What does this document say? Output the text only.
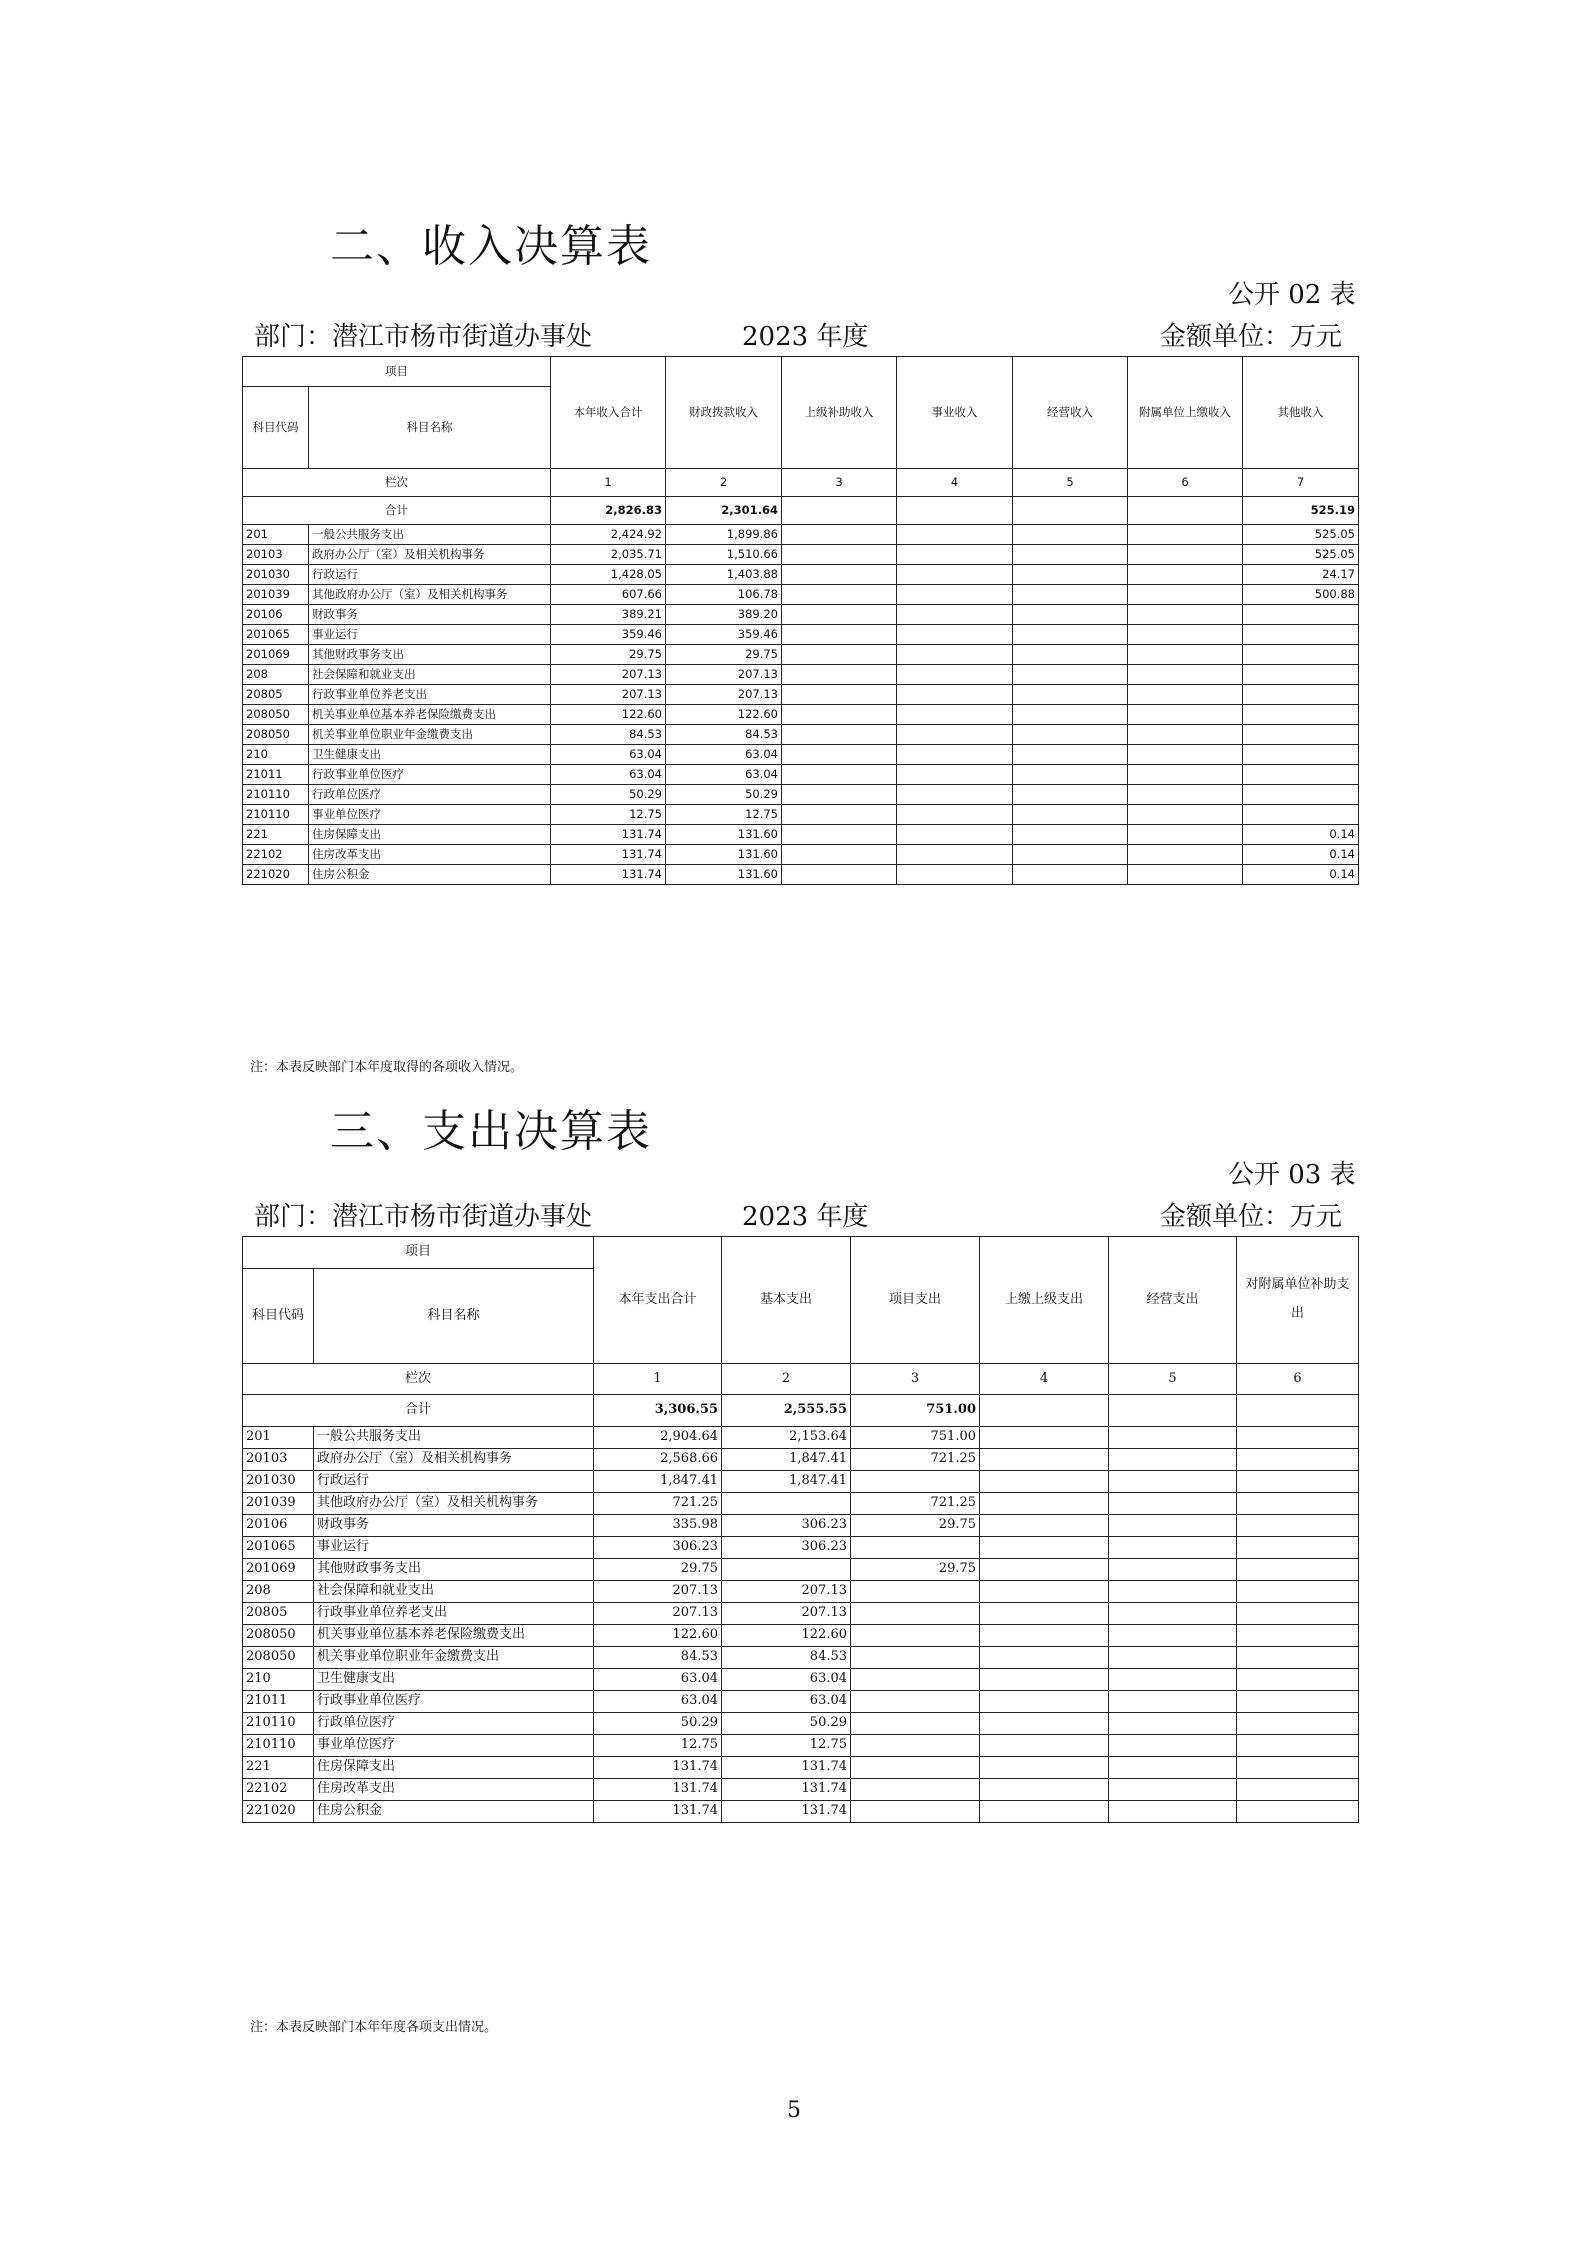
二、收入决算表
公开 02 表
部门：潜江市杨市街道办事处	2023 年度	金额单位：万元
项目		本年收入合计	财政拨款收入	上级补助收入	事业收入	经营收入	附属单位上缴收入	其他收入
科目代码	科目名称							
栏次		1	2	3	4	5	6	7
合计		2,826.83	2,301.64					525.19
201	一般公共服务支出	2,424.92	1,899.86					525.05
20103	政府办公厅（室）及相关机构事务	2,035.71	1,510.66					525.05
201030	行政运行	1,428.05	1,403.88					24.17
201039	其他政府办公厅（室）及相关机构事务	607.66	106.78					500.88
20106	财政事务	389.21	389.20					
201065	事业运行	359.46	359.46					
201069	其他财政事务支出	29.75	29.75					
208	社会保障和就业支出	207.13	207.13					
20805	行政事业单位养老支出	207.13	207.13					
208050	机关事业单位基本养老保险缴费支出	122.60	122.60					
208050	机关事业单位职业年金缴费支出	84.53	84.53					
210	卫生健康支出	63.04	63.04					
21011	行政事业单位医疗	63.04	63.04					
210110	行政单位医疗	50.29	50.29					
210110	事业单位医疗	12.75	12.75					
221	住房保障支出	131.74	131.60					0.14
22102	住房改革支出	131.74	131.60					0.14
221020	住房公积金	131.74	131.60					0.14
注：本表反映部门本年度取得的各项收入情况。
三、支出决算表
公开 03 表
部门：潜江市杨市街道办事处	2023 年度	金额单位：万元
项目		本年支出合计	基本支出	项目支出	上缴上级支出	经营支出	对附属单位补助支出
科目代码	科目名称						
栏次		1	2	3	4	5	6
合计		3,306.55	2,555.55	751.00			
201	一般公共服务支出	2,904.64	2,153.64	751.00			
20103	政府办公厅（室）及相关机构事务	2,568.66	1,847.41	721.25			
201030	行政运行	1,847.41	1,847.41				
201039	其他政府办公厅（室）及相关机构事务	721.25		721.25			
20106	财政事务	335.98	306.23	29.75			
201065	事业运行	306.23	306.23				
201069	其他财政事务支出	29.75		29.75			
208	社会保障和就业支出	207.13	207.13				
20805	行政事业单位养老支出	207.13	207.13				
208050	机关事业单位基本养老保险缴费支出	122.60	122.60				
208050	机关事业单位职业年金缴费支出	84.53	84.53				
210	卫生健康支出	63.04	63.04				
21011	行政事业单位医疗	63.04	63.04				
210110	行政单位医疗	50.29	50.29				
210110	事业单位医疗	12.75	12.75				
221	住房保障支出	131.74	131.74				
22102	住房改革支出	131.74	131.74				
221020	住房公积金	131.74	131.74				
注：本表反映部门本年年度各项支出情况。
5
